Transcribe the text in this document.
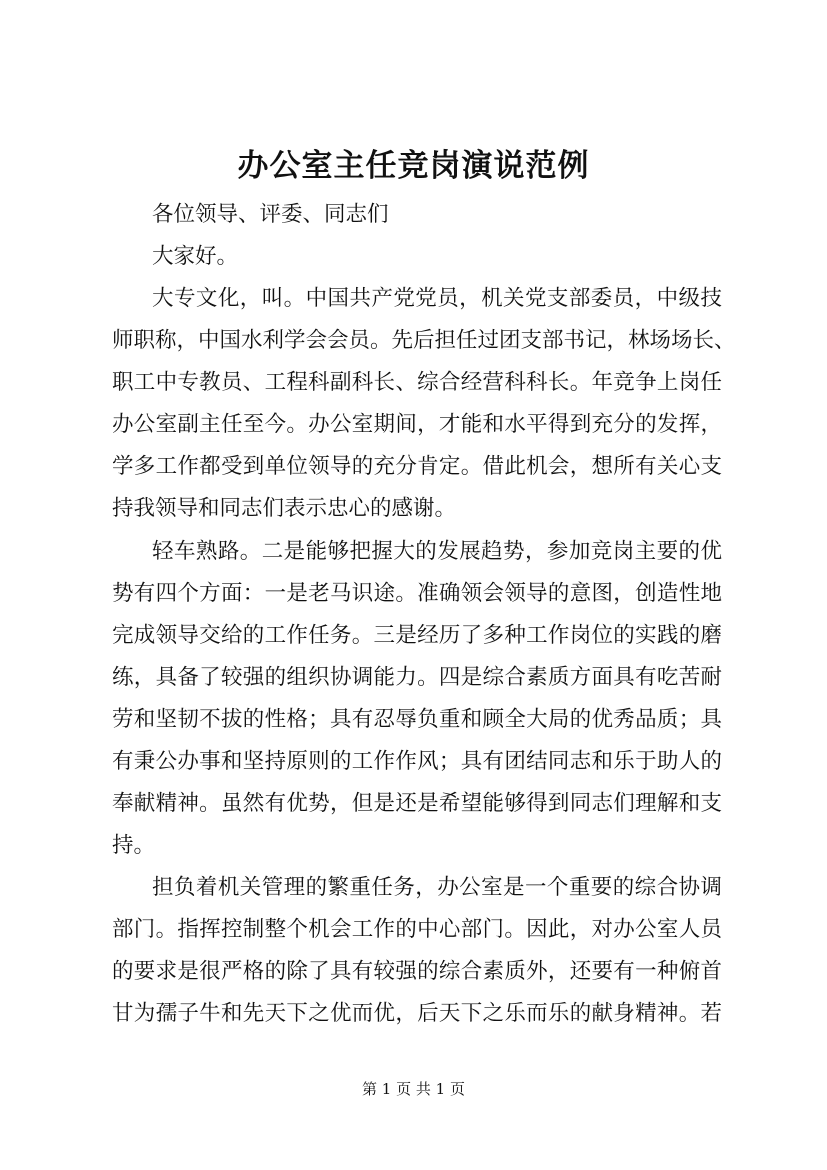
办公室主任竞岗演说范例

各位领导、评委、同志们

大家好。

大专文化，叫。中国共产党党员，机关党支部委员，中级技

师职称，中国水利学会会员。先后担任过团支部书记，林场场长、

职工中专教员、工程科副科长、综合经营科科长。年竞争上岗任

办公室副主任至今。办公室期间，才能和水平得到充分的发挥，

学多工作都受到单位领导的充分肯定。借此机会，想所有关心支

持我领导和同志们表示忠心的感谢。

轻车熟路。二是能够把握大的发展趋势，参加竞岗主要的优

势有四个方面：一是老马识途。准确领会领导的意图，创造性地

完成领导交给的工作任务。三是经历了多种工作岗位的实践的磨

练，具备了较强的组织协调能力。四是综合素质方面具有吃苦耐

劳和坚韧不拔的性格；具有忍辱负重和顾全大局的优秀品质；具

有秉公办事和坚持原则的工作作风；具有团结同志和乐于助人的

奉献精神。虽然有优势，但是还是希望能够得到同志们理解和支

持。

担负着机关管理的繁重任务，办公室是一个重要的综合协调

部门。指挥控制整个机会工作的中心部门。因此，对办公室人员

的要求是很严格的除了具有较强的综合素质外，还要有一种俯首

甘为孺子牛和先天下之优而优，后天下之乐而乐的献身精神。若

第 1 页 共 1 页
